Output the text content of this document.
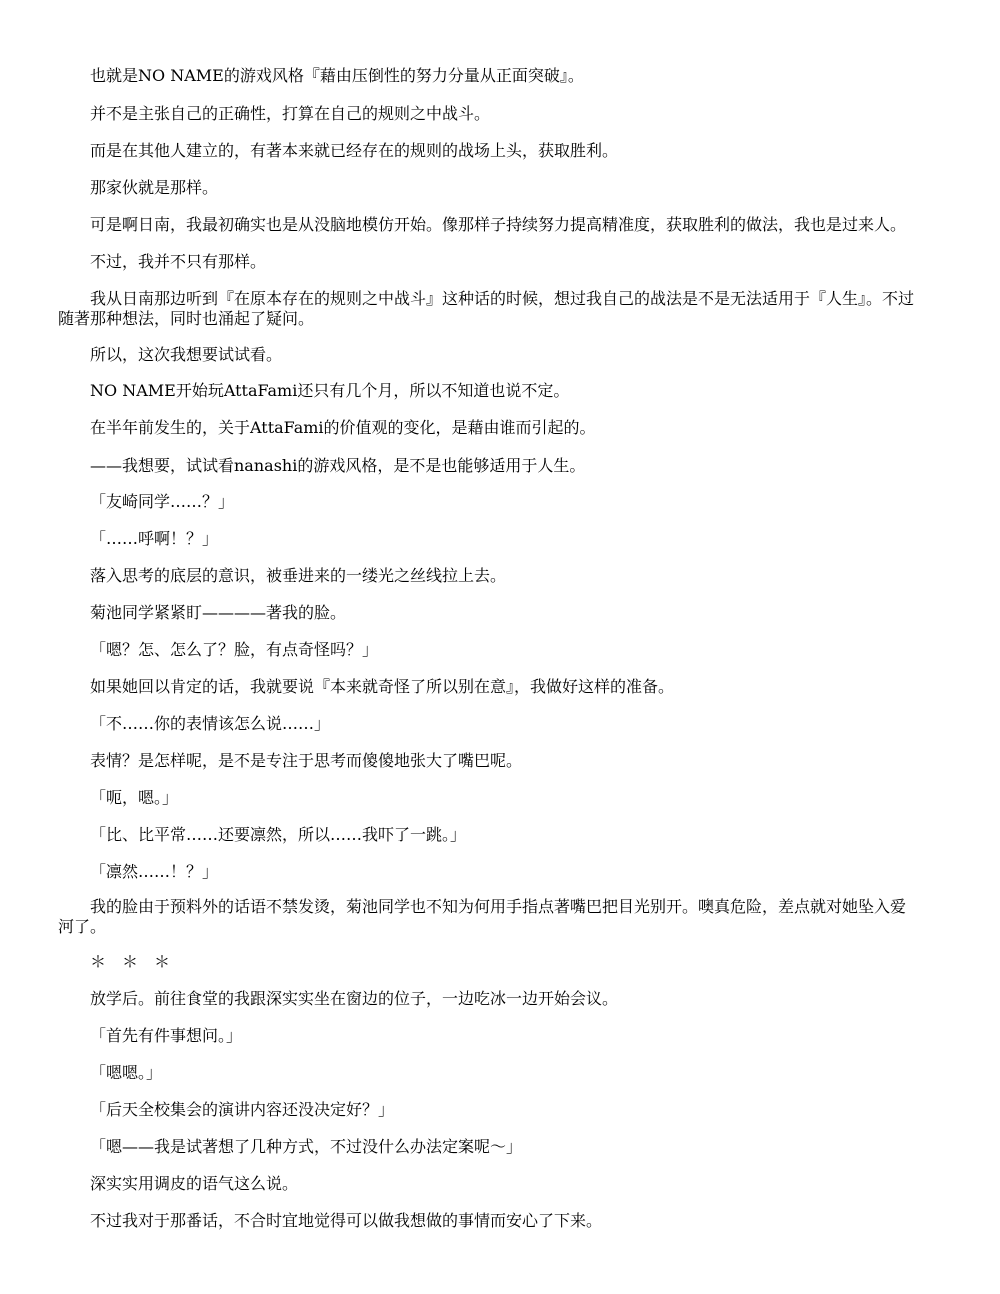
也就是NO NAME的游戏风格『藉由压倒性的努力分量从正面突破』。

并不是主张自己的正确性，打算在自己的规则之中战斗。

而是在其他人建立的，有著本来就已经存在的规则的战场上头，获取胜利。

那家伙就是那样。

可是啊日南，我最初确实也是从没脑地模仿开始。像那样子持续努力提高精准度，获取胜利的做法，我也是过来人。

不过，我并不只有那样。

我从日南那边听到『在原本存在的规则之中战斗』这种话的时候，想过我自己的战法是不是无法适用于『人生』。不过随著那种想法，同时也涌起了疑问。

所以，这次我想要试试看。

NO NAME开始玩AttaFami还只有几个月，所以不知道也说不定。

在半年前发生的，关于AttaFami的价值观的变化，是藉由谁而引起的。

——我想要，试试看nanashi的游戏风格，是不是也能够适用于人生。

「友崎同学……？」

「……呼啊！？」

落入思考的底层的意识，被垂进来的一缕光之丝线拉上去。

菊池同学紧紧盯————著我的脸。

「嗯？怎、怎么了？脸，有点奇怪吗？」

如果她回以肯定的话，我就要说『本来就奇怪了所以别在意』，我做好这样的准备。

「不……你的表情该怎么说……」

表情？是怎样呢，是不是专注于思考而傻傻地张大了嘴巴呢。

「呃，嗯。」

「比、比平常……还要凛然，所以……我吓了一跳。」

「凛然……！？」

我的脸由于预料外的话语不禁发烫，菊池同学也不知为何用手指点著嘴巴把目光别开。噢真危险，差点就对她坠入爱河了。

＊　＊　＊

放学后。前往食堂的我跟深实实坐在窗边的位子，一边吃冰一边开始会议。

「首先有件事想问。」

「嗯嗯。」

「后天全校集会的演讲内容还没决定好？」

「嗯——我是试著想了几种方式，不过没什么办法定案呢～」

深实实用调皮的语气这么说。

不过我对于那番话，不合时宜地觉得可以做我想做的事情而安心了下来。
